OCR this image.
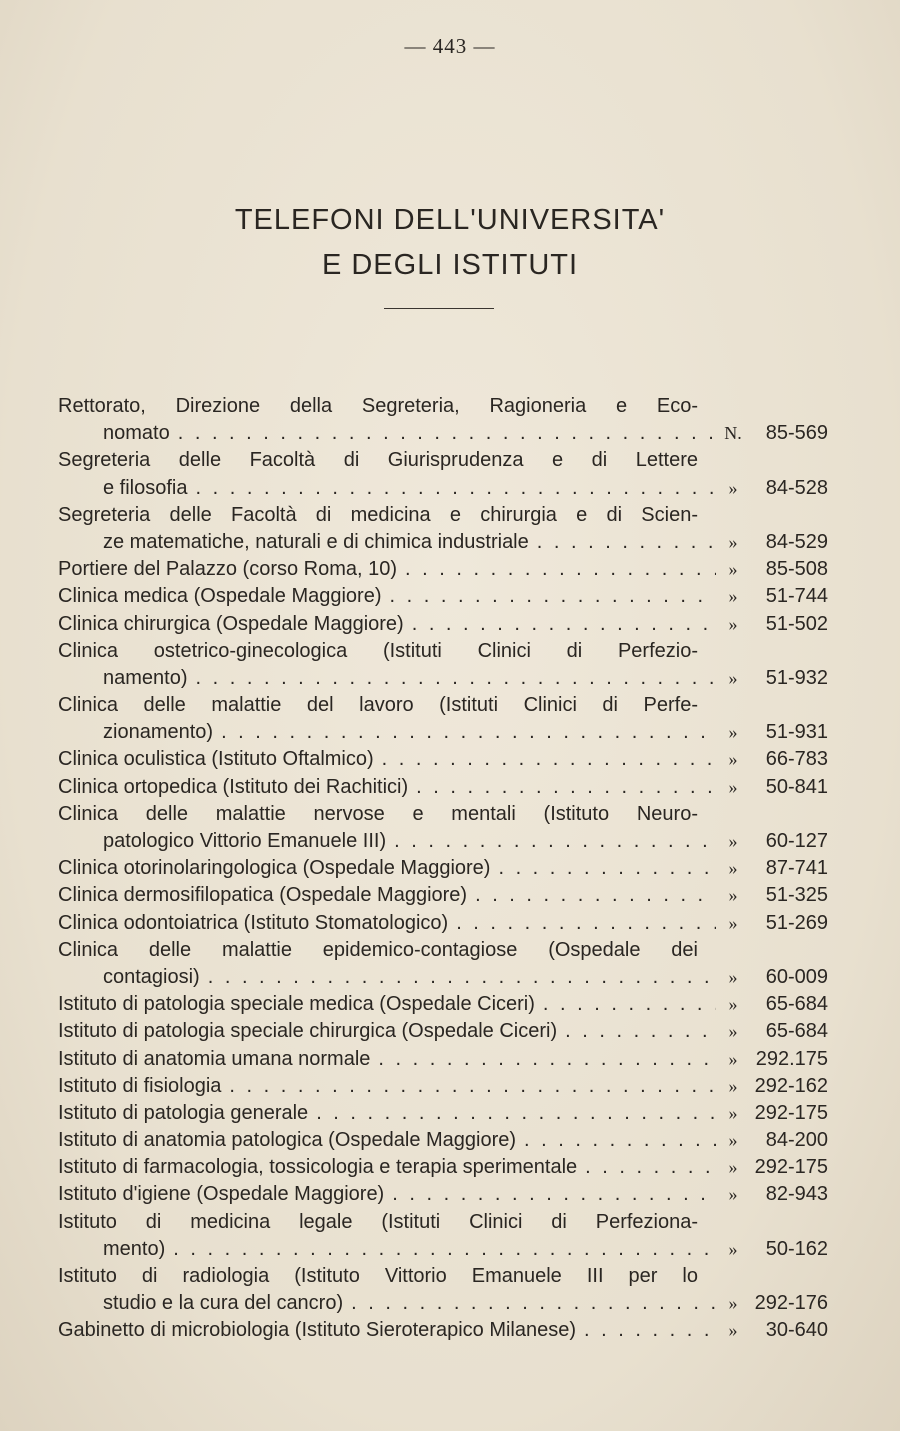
— 443 —
TELEFONI DELL'UNIVERSITA'
E DEGLI ISTITUTI
Rettorato, Direzione della Segreteria, Ragioneria e Eco-
nomato . . .	N.	85-569
Segreteria delle Facoltà di Giurisprudenza e di Lettere
e filosofia . . .	»	84-528
Segreteria delle Facoltà di medicina e chirurgia e di Scien-
ze matematiche, naturali e di chimica industriale . . .	»	84-529
Portiere del Palazzo (corso Roma, 10) . . .	»	85-508
Clinica medica (Ospedale Maggiore) . . .	»	51-744
Clinica chirurgica (Ospedale Maggiore) . . .	»	51-502
Clinica ostetrico-ginecologica (Istituti Clinici di Perfezio-
namento) . . .	»	51-932
Clinica delle malattie del lavoro (Istituti Clinici di Perfe-
zionamento) . . .	»	51-931
Clinica oculistica (Istituto Oftalmico) . . .	»	66-783
Clinica ortopedica (Istituto dei Rachitici) . . .	»	50-841
Clinica delle malattie nervose e mentali (Istituto Neuro-
patologico Vittorio Emanuele III) . . .	»	60-127
Clinica otorinolaringologica (Ospedale Maggiore) . . .	»	87-741
Clinica dermosifilopatica (Ospedale Maggiore) . . .	»	51-325
Clinica odontoiatrica (Istituto Stomatologico) . . .	»	51-269
Clinica delle malattie epidemico-contagiose (Ospedale dei
contagiosi) . . .	»	60-009
Istituto di patologia speciale medica (Ospedale Ciceri) . . .	»	65-684
Istituto di patologia speciale chirurgica (Ospedale Ciceri) . . .	»	65-684
Istituto di anatomia umana normale . . .	» 292.175
Istituto di fisiologia . . .	» 292-162
Istituto di patologia generale . . .	» 292-175
Istituto di anatomia patologica (Ospedale Maggiore) . . .	»	84-200
Istituto di farmacologia, tossicologia e terapia sperimentale . . .	» 292-175
Istituto d'igiene (Ospedale Maggiore) . . .	»	82-943
Istituto di medicina legale (Istituti Clinici di Perfeziona-
mento) . . .	»	50-162
Istituto di radiologia (Istituto Vittorio Emanuele III per lo
studio e la cura del cancro) . . .	» 292-176
Gabinetto di microbiologia (Istituto Sieroterapico Milanese) . . .	»	30-640
